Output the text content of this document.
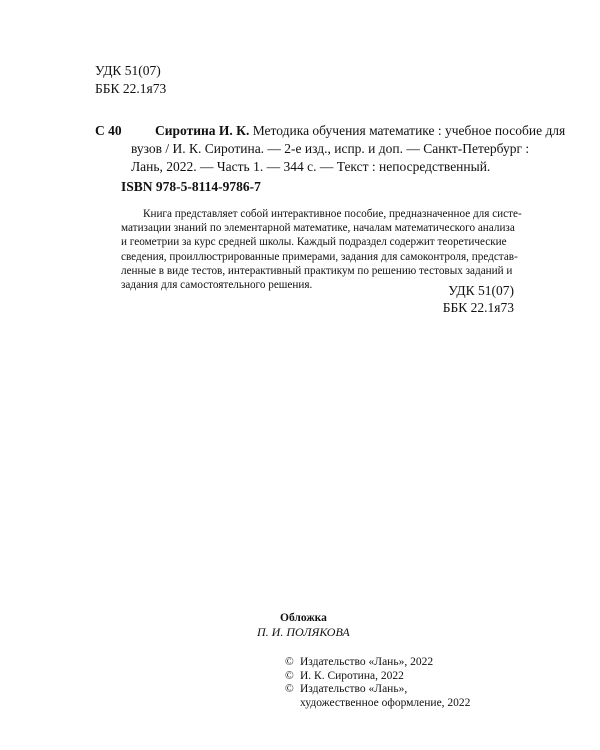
УДК 51(07)
ББК 22.1я73
С 40 Сиротина И. К. Методика обучения математике : учебное пособие для
вузов / И. К. Сиротина. — 2-е изд., испр. и доп. — Санкт-Петербург :
Лань, 2022. — Часть 1. — 344 с. — Текст : непосредственный.
ISBN 978-5-8114-9786-7
Книга представляет собой интерактивное пособие, предназначенное для систе-
матизации знаний по элементарной математике, началам математического анализа
и геометрии за курс средней школы. Каждый подраздел содержит теоретические
сведения, проиллюстрированные примерами, задания для самоконтроля, представ-
ленные в виде тестов, интерактивный практикум по решению тестовых заданий и
задания для самостоятельного решения.	УДК 51(07)
ББК 22.1я73
Обложка
П. И. ПОЛЯКОВА
© Издательство «Лань», 2022
© И. К. Сиротина, 2022
© Издательство «Лань»,
художественное оформление, 2022
